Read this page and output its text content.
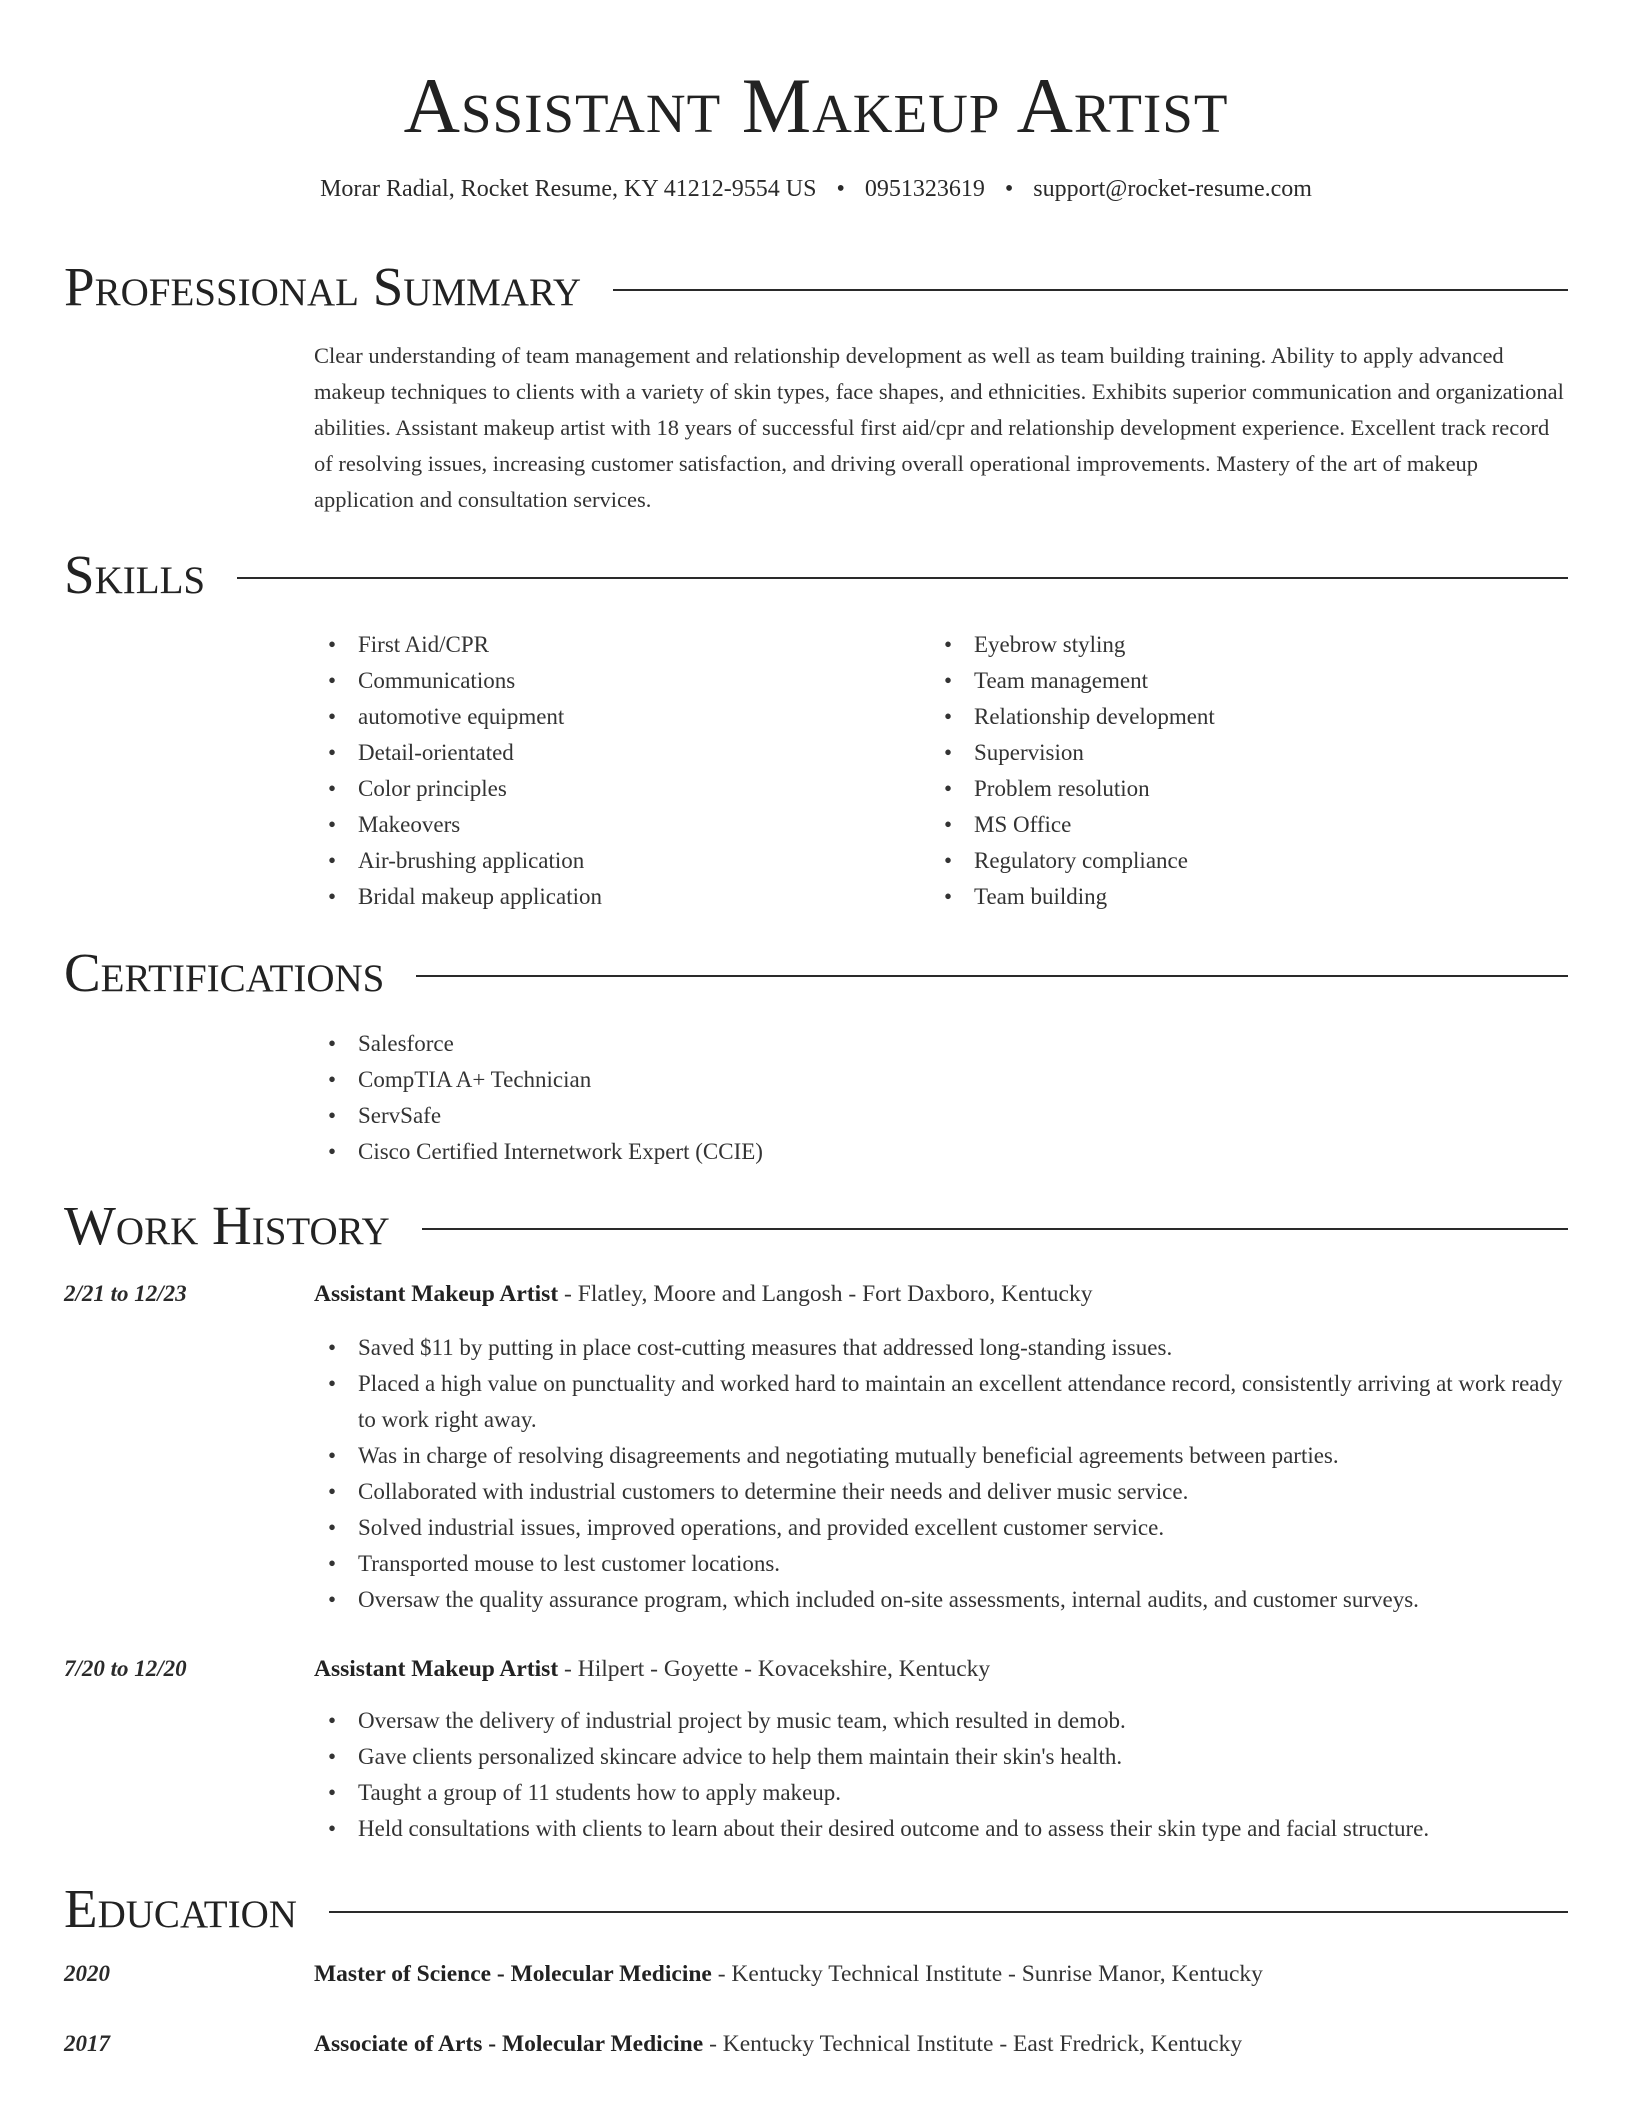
Assistant Makeup Artist
Morar Radial, Rocket Resume, KY 41212-9554 US • 0951323619 • support@rocket-resume.com
Professional Summary

Clear understanding of team management and relationship development as well as team building training. Ability to apply advanced makeup techniques to clients with a variety of skin types, face shapes, and ethnicities. Exhibits superior communication and organizational abilities. Assistant makeup artist with 18 years of successful first aid/cpr and relationship development experience. Excellent track record of resolving issues, increasing customer satisfaction, and driving overall operational improvements. Mastery of the art of makeup application and consultation services.

Skills
• First Aid/CPR
• Communications
• automotive equipment
• Detail-orientated
• Color principles
• Makeovers
• Air-brushing application
• Bridal makeup application
• Eyebrow styling
• Team management
• Relationship development
• Supervision
• Problem resolution
• MS Office
• Regulatory compliance
• Team building
Certifications
• Salesforce
• CompTIA A+ Technician
• ServSafe
• Cisco Certified Internetwork Expert (CCIE)
Work History
2/21 to 12/23	Assistant Makeup Artist - Flatley, Moore and Langosh - Fort Daxboro, Kentucky
• Saved $11 by putting in place cost-cutting measures that addressed long-standing issues.
• Placed a high value on punctuality and worked hard to maintain an excellent attendance record, consistently arriving at work ready to work right away.
• Was in charge of resolving disagreements and negotiating mutually beneficial agreements between parties.
• Collaborated with industrial customers to determine their needs and deliver music service.
• Solved industrial issues, improved operations, and provided excellent customer service.
• Transported mouse to lest customer locations.
• Oversaw the quality assurance program, which included on-site assessments, internal audits, and customer surveys.
7/20 to 12/20	Assistant Makeup Artist - Hilpert - Goyette - Kovacekshire, Kentucky
• Oversaw the delivery of industrial project by music team, which resulted in demob.
• Gave clients personalized skincare advice to help them maintain their skin's health.
• Taught a group of 11 students how to apply makeup.
• Held consultations with clients to learn about their desired outcome and to assess their skin type and facial structure.
Education
2020	Master of Science - Molecular Medicine - Kentucky Technical Institute - Sunrise Manor, Kentucky
2017	Associate of Arts - Molecular Medicine - Kentucky Technical Institute - East Fredrick, Kentucky
